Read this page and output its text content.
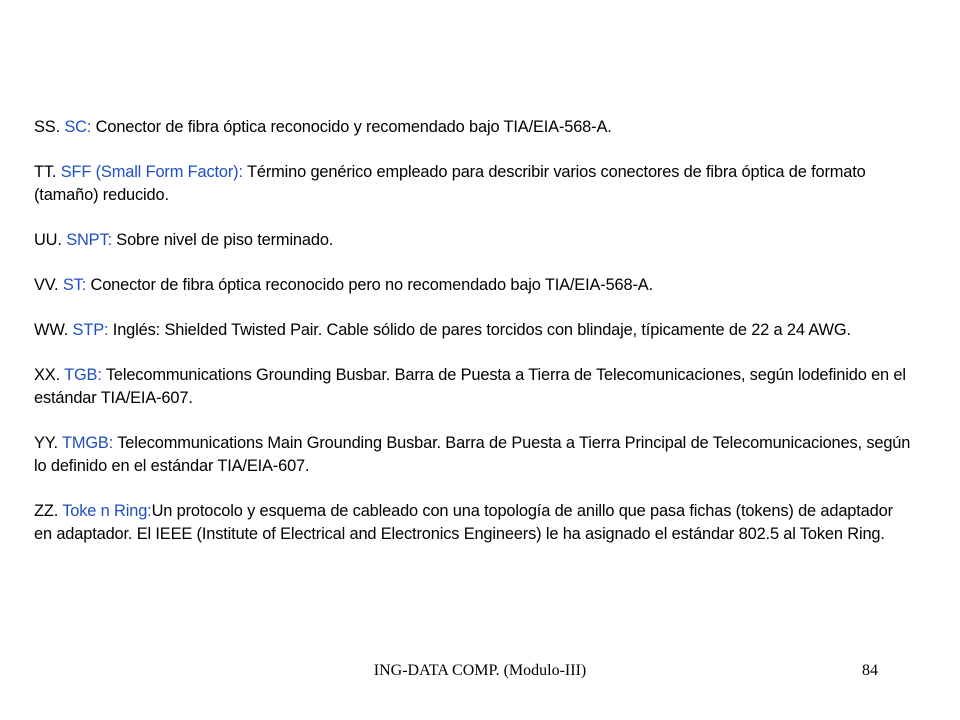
SS. SC: Conector de fibra óptica reconocido y recomendado bajo TIA/EIA-568-A.

TT. SFF (Small Form Factor): Término genérico empleado para describir varios conectores de fibra óptica de formato (tamaño) reducido.

UU. SNPT: Sobre nivel de piso terminado.

VV. ST: Conector de fibra óptica reconocido pero no recomendado bajo TIA/EIA-568-A.

WW. STP: Inglés: Shielded Twisted Pair. Cable sólido de pares torcidos con blindaje, típicamente de 22 a 24 AWG.

XX. TGB: Telecommunications Grounding Busbar. Barra de Puesta a Tierra de Telecomunicaciones, según lodefinido en el estándar TIA/EIA-607.

YY. TMGB: Telecommunications Main Grounding Busbar. Barra de Puesta a Tierra Principal de Telecomunicaciones, según lo definido en el estándar TIA/EIA-607.

ZZ. Toke n Ring:Un protocolo y esquema de cableado con una topología de anillo que pasa fichas (tokens) de adaptador en adaptador. El IEEE (Institute of Electrical and Electronics Engineers) le ha asignado el estándar 802.5 al Token Ring.

ING-DATA COMP. (Modulo-III)	84
